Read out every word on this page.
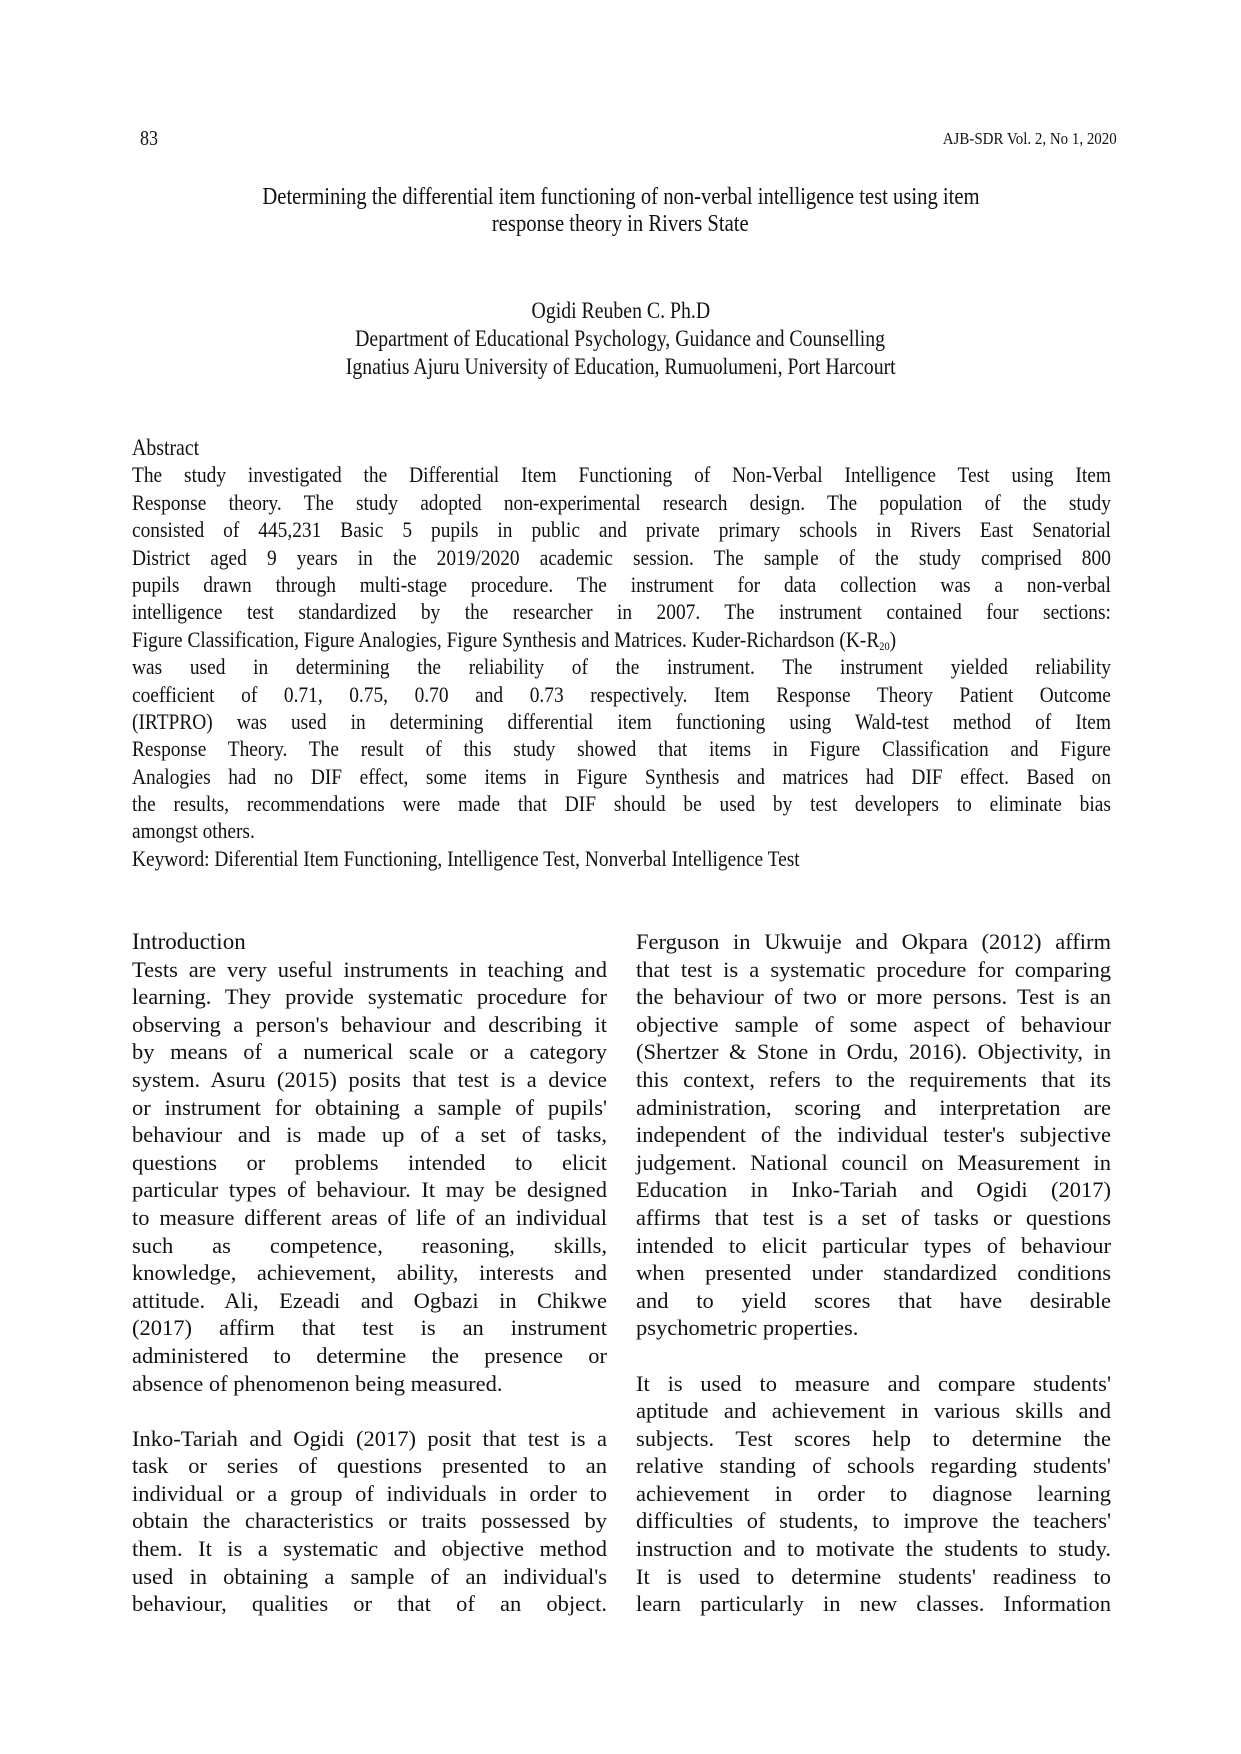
83	AJB-SDR Vol. 2, No 1, 2020
Determining the differential item functioning of non-verbal intelligence test using item
response theory in Rivers State
Ogidi Reuben C. Ph.D
Department of Educational Psychology, Guidance and Counselling
Ignatius Ajuru University of Education, Rumuolumeni, Port Harcourt
Abstract
The study investigated the Differential Item Functioning of Non-Verbal Intelligence Test using Item
Response theory. The study adopted non-experimental research design. The population of the study
consisted of 445,231 Basic 5 pupils in public and private primary schools in Rivers East Senatorial
District aged 9 years in the 2019/2020 academic session. The sample of the study comprised 800
pupils drawn through multi-stage procedure. The instrument for data collection was a non-verbal
intelligence test standardized by the researcher in 2007. The instrument contained four sections:
Figure Classification, Figure Analogies, Figure Synthesis and Matrices. Kuder-Richardson $(K-R_{20})$
was used in determining the reliability of the instrument. The instrument yielded reliability
coefficient of 0.71, 0.75, 0.70 and 0.73 respectively. Item Response Theory Patient Outcome
(IRTPRO) was used in determining differential item functioning using Wald-test method of Item
Response Theory. The result of this study showed that items in Figure Classification and Figure
Analogies had no DIF effect, some items in Figure Synthesis and matrices had DIF effect. Based on
the results, recommendations were made that DIF should be used by test developers to eliminate bias
amongst others.
Keyword: Diferential Item Functioning, Intelligence Test, Nonverbal Intelligence Test
Introduction
Tests are very useful instruments in teaching and
learning. They provide systematic procedure for
observing a person's behaviour and describing it
by means of a numerical scale or a category
system. Asuru (2015) posits that test is a device
or instrument for obtaining a sample of pupils'
behaviour and is made up of a set of tasks,
questions or problems intended to elicit
particular types of behaviour. It may be designed
to measure different areas of life of an individual
such as competence, reasoning, skills,
knowledge, achievement, ability, interests and
attitude. Ali, Ezeadi and Ogbazi in Chikwe
(2017) affirm that test is an instrument
administered to determine the presence or
absence of phenomenon being measured.
Inko-Tariah and Ogidi (2017) posit that test is a
task or series of questions presented to an
individual or a group of individuals in order to
obtain the characteristics or traits possessed by
them. It is a systematic and objective method
used in obtaining a sample of an individual's
behaviour, qualities or that of an object.
Ferguson in Ukwuije and Okpara (2012) affirm
that test is a systematic procedure for comparing
the behaviour of two or more persons. Test is an
objective sample of some aspect of behaviour
(Shertzer & Stone in Ordu, 2016). Objectivity, in
this context, refers to the requirements that its
administration, scoring and interpretation are
independent of the individual tester's subjective
judgement. National council on Measurement in
Education in Inko-Tariah and Ogidi (2017)
affirms that test is a set of tasks or questions
intended to elicit particular types of behaviour
when presented under standardized conditions
and to yield scores that have desirable
psychometric properties.
It is used to measure and compare students'
aptitude and achievement in various skills and
subjects. Test scores help to determine the
relative standing of schools regarding students'
achievement in order to diagnose learning
difficulties of students, to improve the teachers'
instruction and to motivate the students to study.
It is used to determine students' readiness to
learn particularly in new classes. Information
